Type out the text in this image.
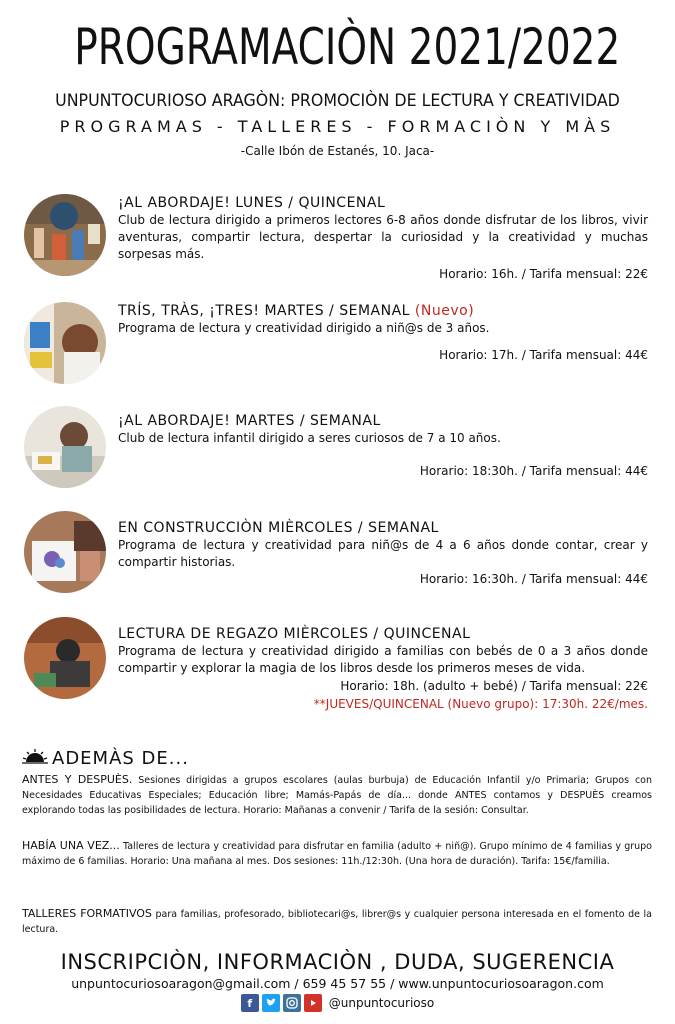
PROGRAMACIÒN 2021/2022
UNPUNTOCURIOSO ARAGÒN: PROMOCIÒN DE LECTURA Y CREATIVIDAD
PROGRAMAS - TALLERES - FORMACIÒN Y MÀS
-Calle Ibón de Estanés, 10. Jaca-
¡AL ABORDAJE! LUNES / QUINCENAL
Club de lectura dirigido a primeros lectores 6-8 años donde disfrutar de los libros, vivir aventuras, compartir lectura, despertar la curiosidad y la creatividad y muchas sorpesas más.
Horario: 16h. / Tarifa mensual: 22€
TRÍS, TRÀS, ¡TRES! MARTES / SEMANAL (Nuevo)
Programa de lectura y creatividad dirigido a niñ@s de 3 años.
Horario: 17h. / Tarifa mensual: 44€
¡AL ABORDAJE! MARTES / SEMANAL
Club de lectura infantil dirigido a seres curiosos de 7 a 10 años.
Horario: 18:30h. / Tarifa mensual: 44€
EN CONSTRUCCIÒN MIÈRCOLES / SEMANAL
Programa de lectura y creatividad para niñ@s de 4 a 6 años donde contar, crear y compartir historias.
Horario: 16:30h. / Tarifa mensual: 44€
LECTURA DE REGAZO MIÈRCOLES / QUINCENAL
Programa de lectura y creatividad dirigido a familias con bebés de 0 a 3 años donde compartir y explorar la magia de los libros desde los primeros meses de vida.
Horario: 18h. (adulto + bebé) / Tarifa mensual: 22€
**JUEVES/QUINCENAL (Nuevo grupo): 17:30h. 22€/mes.
ADEMÀS DE...
ANTES Y DESPUÈS. Sesiones dirigidas a grupos escolares (aulas burbuja) de Educación Infantil y/o Primaria; Grupos con Necesidades Educativas Especiales; Educación libre; Mamás-Papás de día... donde ANTES contamos y DESPUÈS creamos explorando todas las posibilidades de lectura. Horario: Mañanas a convenir / Tarifa de la sesión: Consultar.
HABÍA UNA VEZ... Talleres de lectura y creatividad para disfrutar en familia (adulto + niñ@). Grupo mínimo de 4 familias y grupo máximo de 6 familias. Horario: Una mañana al mes. Dos sesiones: 11h./12:30h. (Una hora de duración). Tarifa: 15€/familia.
TALLERES FORMATIVOS para familias, profesorado, bibliotecari@s, librer@s y cualquier persona interesada en el fomento de la lectura.
INSCRIPCIÒN, INFORMACIÒN , DUDA, SUGERENCIA
unpuntocuriosoaragon@gmail.com / 659 45 57 55 / www.unpuntocuriosoaragon.com
f	@unpuntocurioso
